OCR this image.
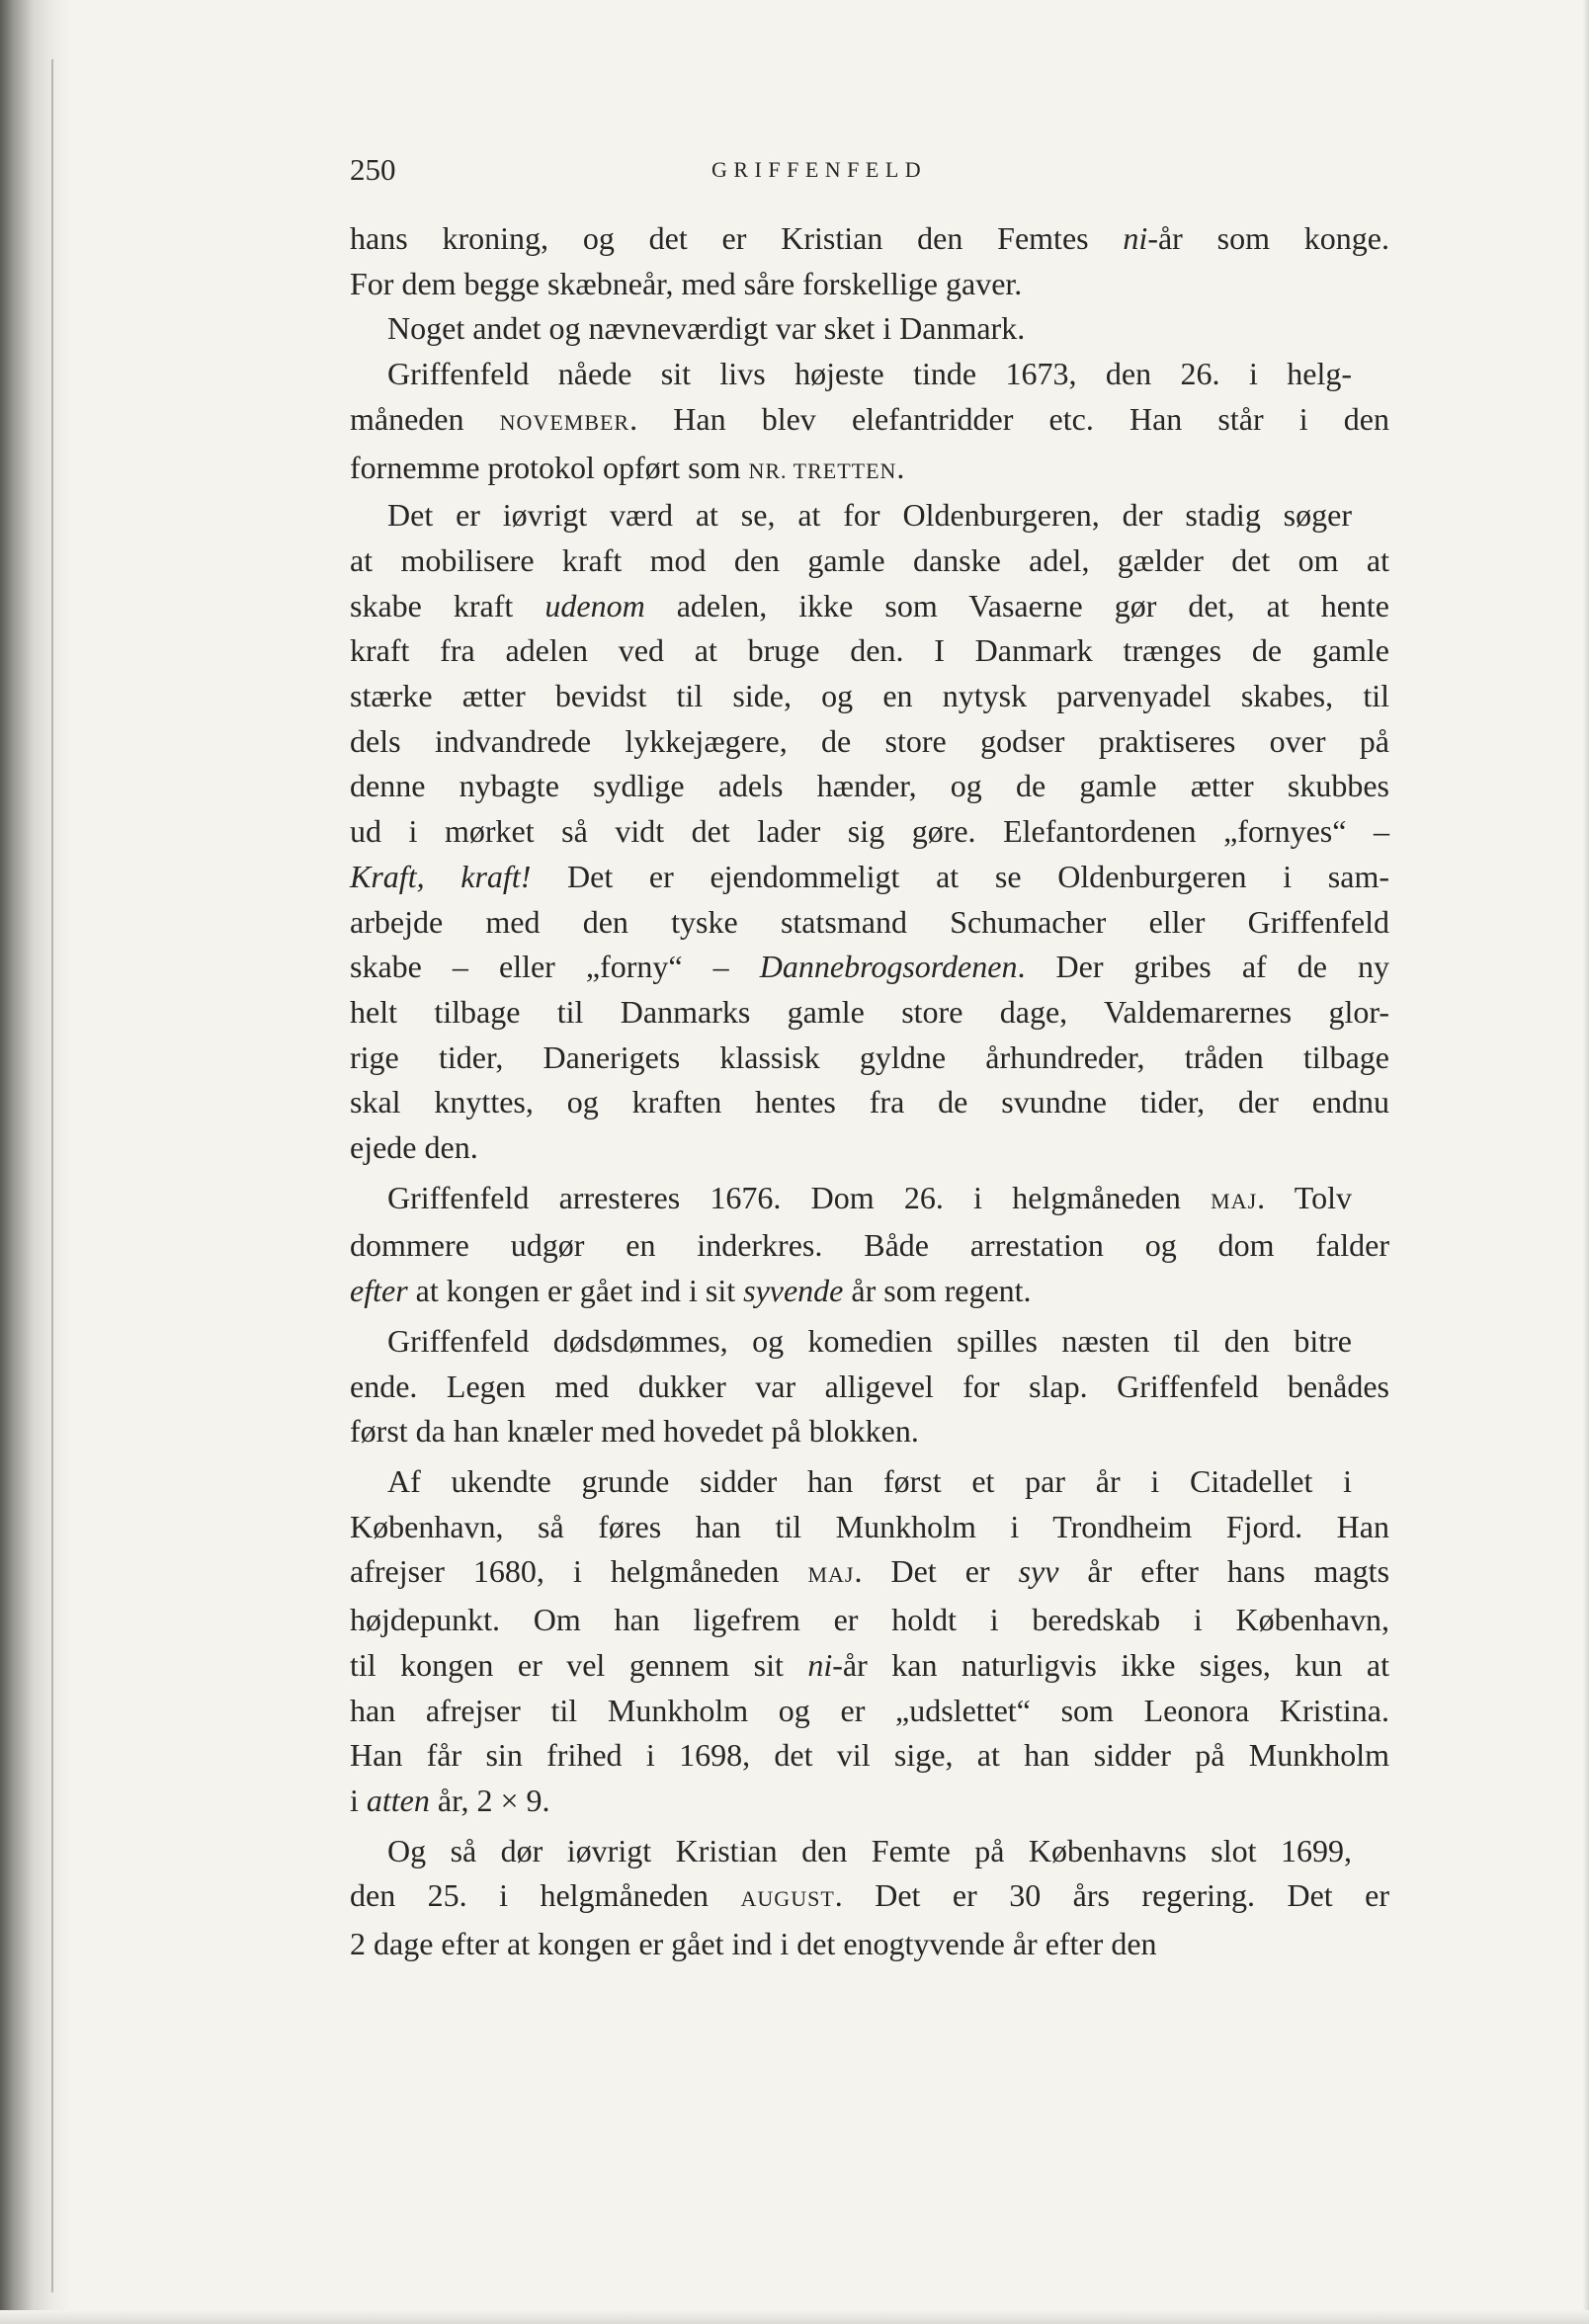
250	GRIFFENFELD

hans kroning, og det er Kristian den Femtes ni-år som konge.
For dem begge skæbneår, med såre forskellige gaver.

Noget andet og nævneværdigt var sket i Danmark.

Griffenfeld nåede sit livs højeste tinde 1673, den 26. i helg-

måneden NOVEMBER. Han blev elefantridder etc. Han står i den
fornemme protokol opført som NR. TRETTEN.

Det er iøvrigt værd at se, at for Oldenburgeren, der stadig søger

at mobilisere kraft mod den gamle danske adel, gælder det om at
skabe kraft udenom adelen, ikke som Vasaerne gør det, at hente
kraft fra adelen ved at bruge den. I Danmark trænges de gamle
stærke ætter bevidst til side, og en nytysk parvenyadel skabes, til
dels indvandrede lykkejægere, de store godser praktiseres over på
denne nybagte sydlige adels hænder, og de gamle ætter skubbes
ud i mørket så vidt det lader sig gøre. Elefantordenen „fornyes“ –
Kraft, kraft! Det er ejendommeligt at se Oldenburgeren i sam-
arbejde med den tyske statsmand Schumacher eller Griffenfeld
skabe – eller „forny“ – Dannebrogsordenen. Der gribes af de ny
helt tilbage til Danmarks gamle store dage, Valdemarernes glor-
rige tider, Danerigets klassisk gyldne århundreder, tråden tilbage
skal knyttes, og kraften hentes fra de svundne tider, der endnu
ejede den.

Griffenfeld arresteres 1676. Dom 26. i helgmåneden MAJ. Tolv

dommere udgør en inderkres. Både arrestation og dom falder
efter at kongen er gået ind i sit syvende år som regent.

Griffenfeld dødsdømmes, og komedien spilles næsten til den bitre

ende. Legen med dukker var alligevel for slap. Griffenfeld benådes
først da han knæler med hovedet på blokken.

Af ukendte grunde sidder han først et par år i Citadellet i

København, så føres han til Munkholm i Trondheim Fjord. Han
afrejser 1680, i helgmåneden MAJ. Det er syv år efter hans magts
højdepunkt. Om han ligefrem er holdt i beredskab i København,
til kongen er vel gennem sit ni-år kan naturligvis ikke siges, kun at
han afrejser til Munkholm og er „udslettet“ som Leonora Kristina.
Han får sin frihed i 1698, det vil sige, at han sidder på Munkholm
i atten år, 2 × 9.

Og så dør iøvrigt Kristian den Femte på Københavns slot 1699,

den 25. i helgmåneden AUGUST. Det er 30 års regering. Det er
2 dage efter at kongen er gået ind i det enogtyvende år efter den
